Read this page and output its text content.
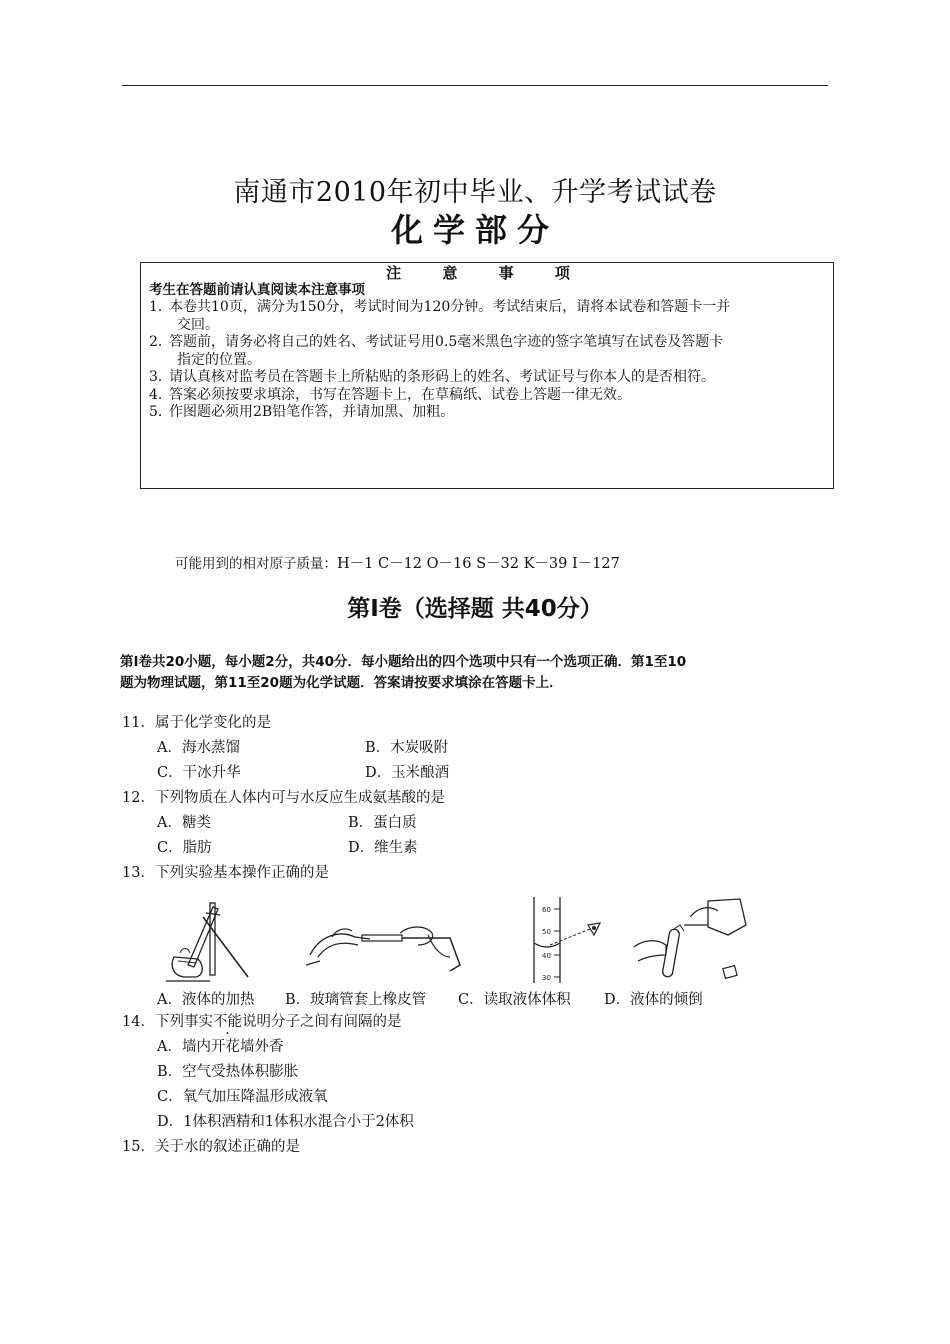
南通市2010年初中毕业、升学考试试卷
化学部分
注 意 事 项
考生在答题前请认真阅读本注意事项
1．本卷共10页，满分为150分，考试时间为120分钟。考试结束后，请将本试卷和答题卡一并
交回。
2．答题前，请务必将自己的姓名、考试证号用0.5毫米黑色字迹的签字笔填写在试卷及答题卡
指定的位置。
3．请认真核对监考员在答题卡上所粘贴的条形码上的姓名、考试证号与你本人的是否相符。
4．答案必须按要求填涂，书写在答题卡上，在草稿纸、试卷上答题一律无效。
5．作图题必须用2B铅笔作答，并请加黑、加粗。
可能用到的相对原子质量：H－1 C－12 O－16 S－32 K－39 I－127
第Ⅰ卷（选择题 共40分）
第Ⅰ卷共20小题，每小题2分，共40分．每小题给出的四个选项中只有一个选项正确．第1至10
题为物理试题，第11至20题为化学试题．答案请按要求填涂在答题卡上．
11．属于化学变化的是
A．海水蒸馏	B．木炭吸附
C．干冰升华	D．玉米酿酒
12．下列物质在人体内可与水反应生成氨基酸的是
A．糖类	B．蛋白质
C．脂肪	D．维生素
13．下列实验基本操作正确的是
60
50
40
30
A．液体的加热 B．玻璃管套上橡皮管 C．读取液体体积 D．液体的倾倒
14．下列事实不能说明分子之间有间隔的是
A．墙内开花墙外香
B．空气受热体积膨胀
C．氧气加压降温形成液氧
D．1体积酒精和1体积水混合小于2体积
15．关于水的叙述正确的是
